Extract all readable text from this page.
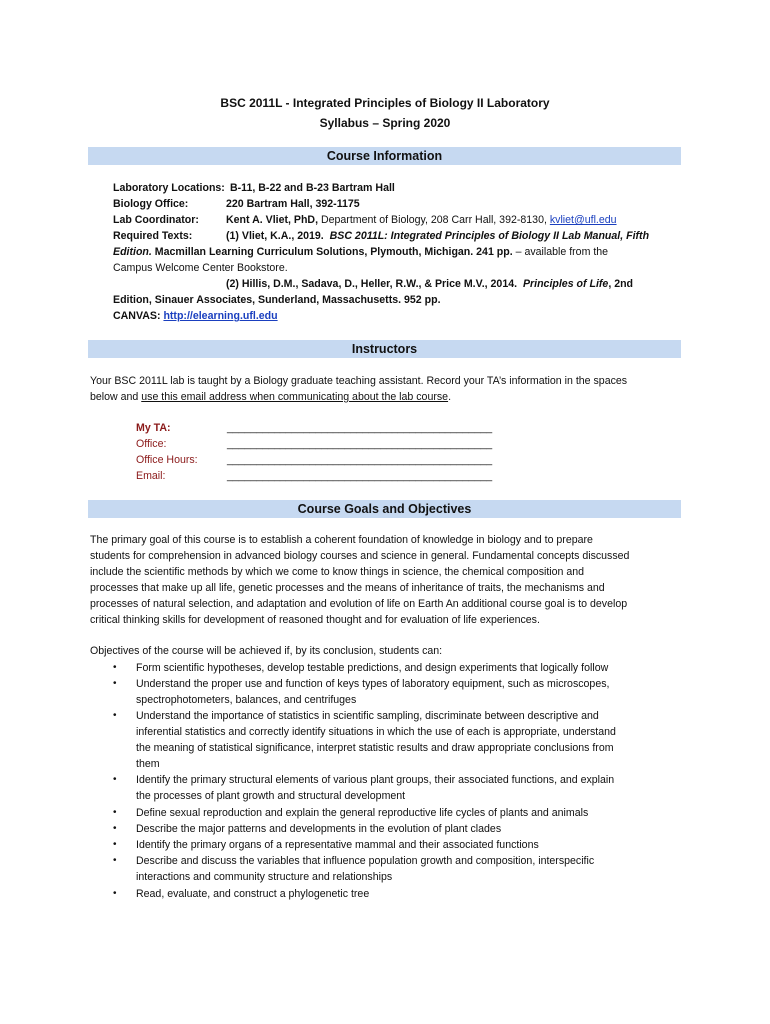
BSC 2011L - Integrated Principles of Biology II Laboratory
Syllabus – Spring 2020
Course Information
Laboratory Locations: B-11, B-22 and B-23 Bartram Hall
Biology Office:	220 Bartram Hall, 392-1175
Lab Coordinator:	Kent A. Vliet, PhD, Department of Biology, 208 Carr Hall, 392-8130, kvliet@ufl.edu
Required Texts:	(1) Vliet, K.A., 2019. BSC 2011L: Integrated Principles of Biology II Lab Manual, Fifth
Edition. Macmillan Learning Curriculum Solutions, Plymouth, Michigan. 241 pp. – available from the
Campus Welcome Center Bookstore.
(2) Hillis, D.M., Sadava, D., Heller, R.W., & Price M.V., 2014. Principles of Life, 2nd
Edition, Sinauer Associates, Sunderland, Massachusetts. 952 pp.
CANVAS: http://elearning.ufl.edu
Instructors
Your BSC 2011L lab is taught by a Biology graduate teaching assistant. Record your TA’s information in the spaces
below and use this email address when communicating about the lab course.
My TA:	_____________________________________________
Office:	_____________________________________________
Office Hours:	_____________________________________________
Email:	_____________________________________________
Course Goals and Objectives
The primary goal of this course is to establish a coherent foundation of knowledge in biology and to prepare
students for comprehension in advanced biology courses and science in general. Fundamental concepts discussed
include the scientific methods by which we come to know things in science, the chemical composition and
processes that make up all life, genetic processes and the means of inheritance of traits, the mechanisms and
processes of natural selection, and adaptation and evolution of life on Earth An additional course goal is to develop
critical thinking skills for development of reasoned thought and for evaluation of life experiences.
Objectives of the course will be achieved if, by its conclusion, students can:
• Form scientific hypotheses, develop testable predictions, and design experiments that logically follow
• Understand the proper use and function of keys types of laboratory equipment, such as microscopes,
spectrophotometers, balances, and centrifuges
• Understand the importance of statistics in scientific sampling, discriminate between descriptive and
inferential statistics and correctly identify situations in which the use of each is appropriate, understand
the meaning of statistical significance, interpret statistic results and draw appropriate conclusions from
them
• Identify the primary structural elements of various plant groups, their associated functions, and explain
the processes of plant growth and structural development
• Define sexual reproduction and explain the general reproductive life cycles of plants and animals
• Describe the major patterns and developments in the evolution of plant clades
• Identify the primary organs of a representative mammal and their associated functions
• Describe and discuss the variables that influence population growth and composition, interspecific
interactions and community structure and relationships
• Read, evaluate, and construct a phylogenetic tree
